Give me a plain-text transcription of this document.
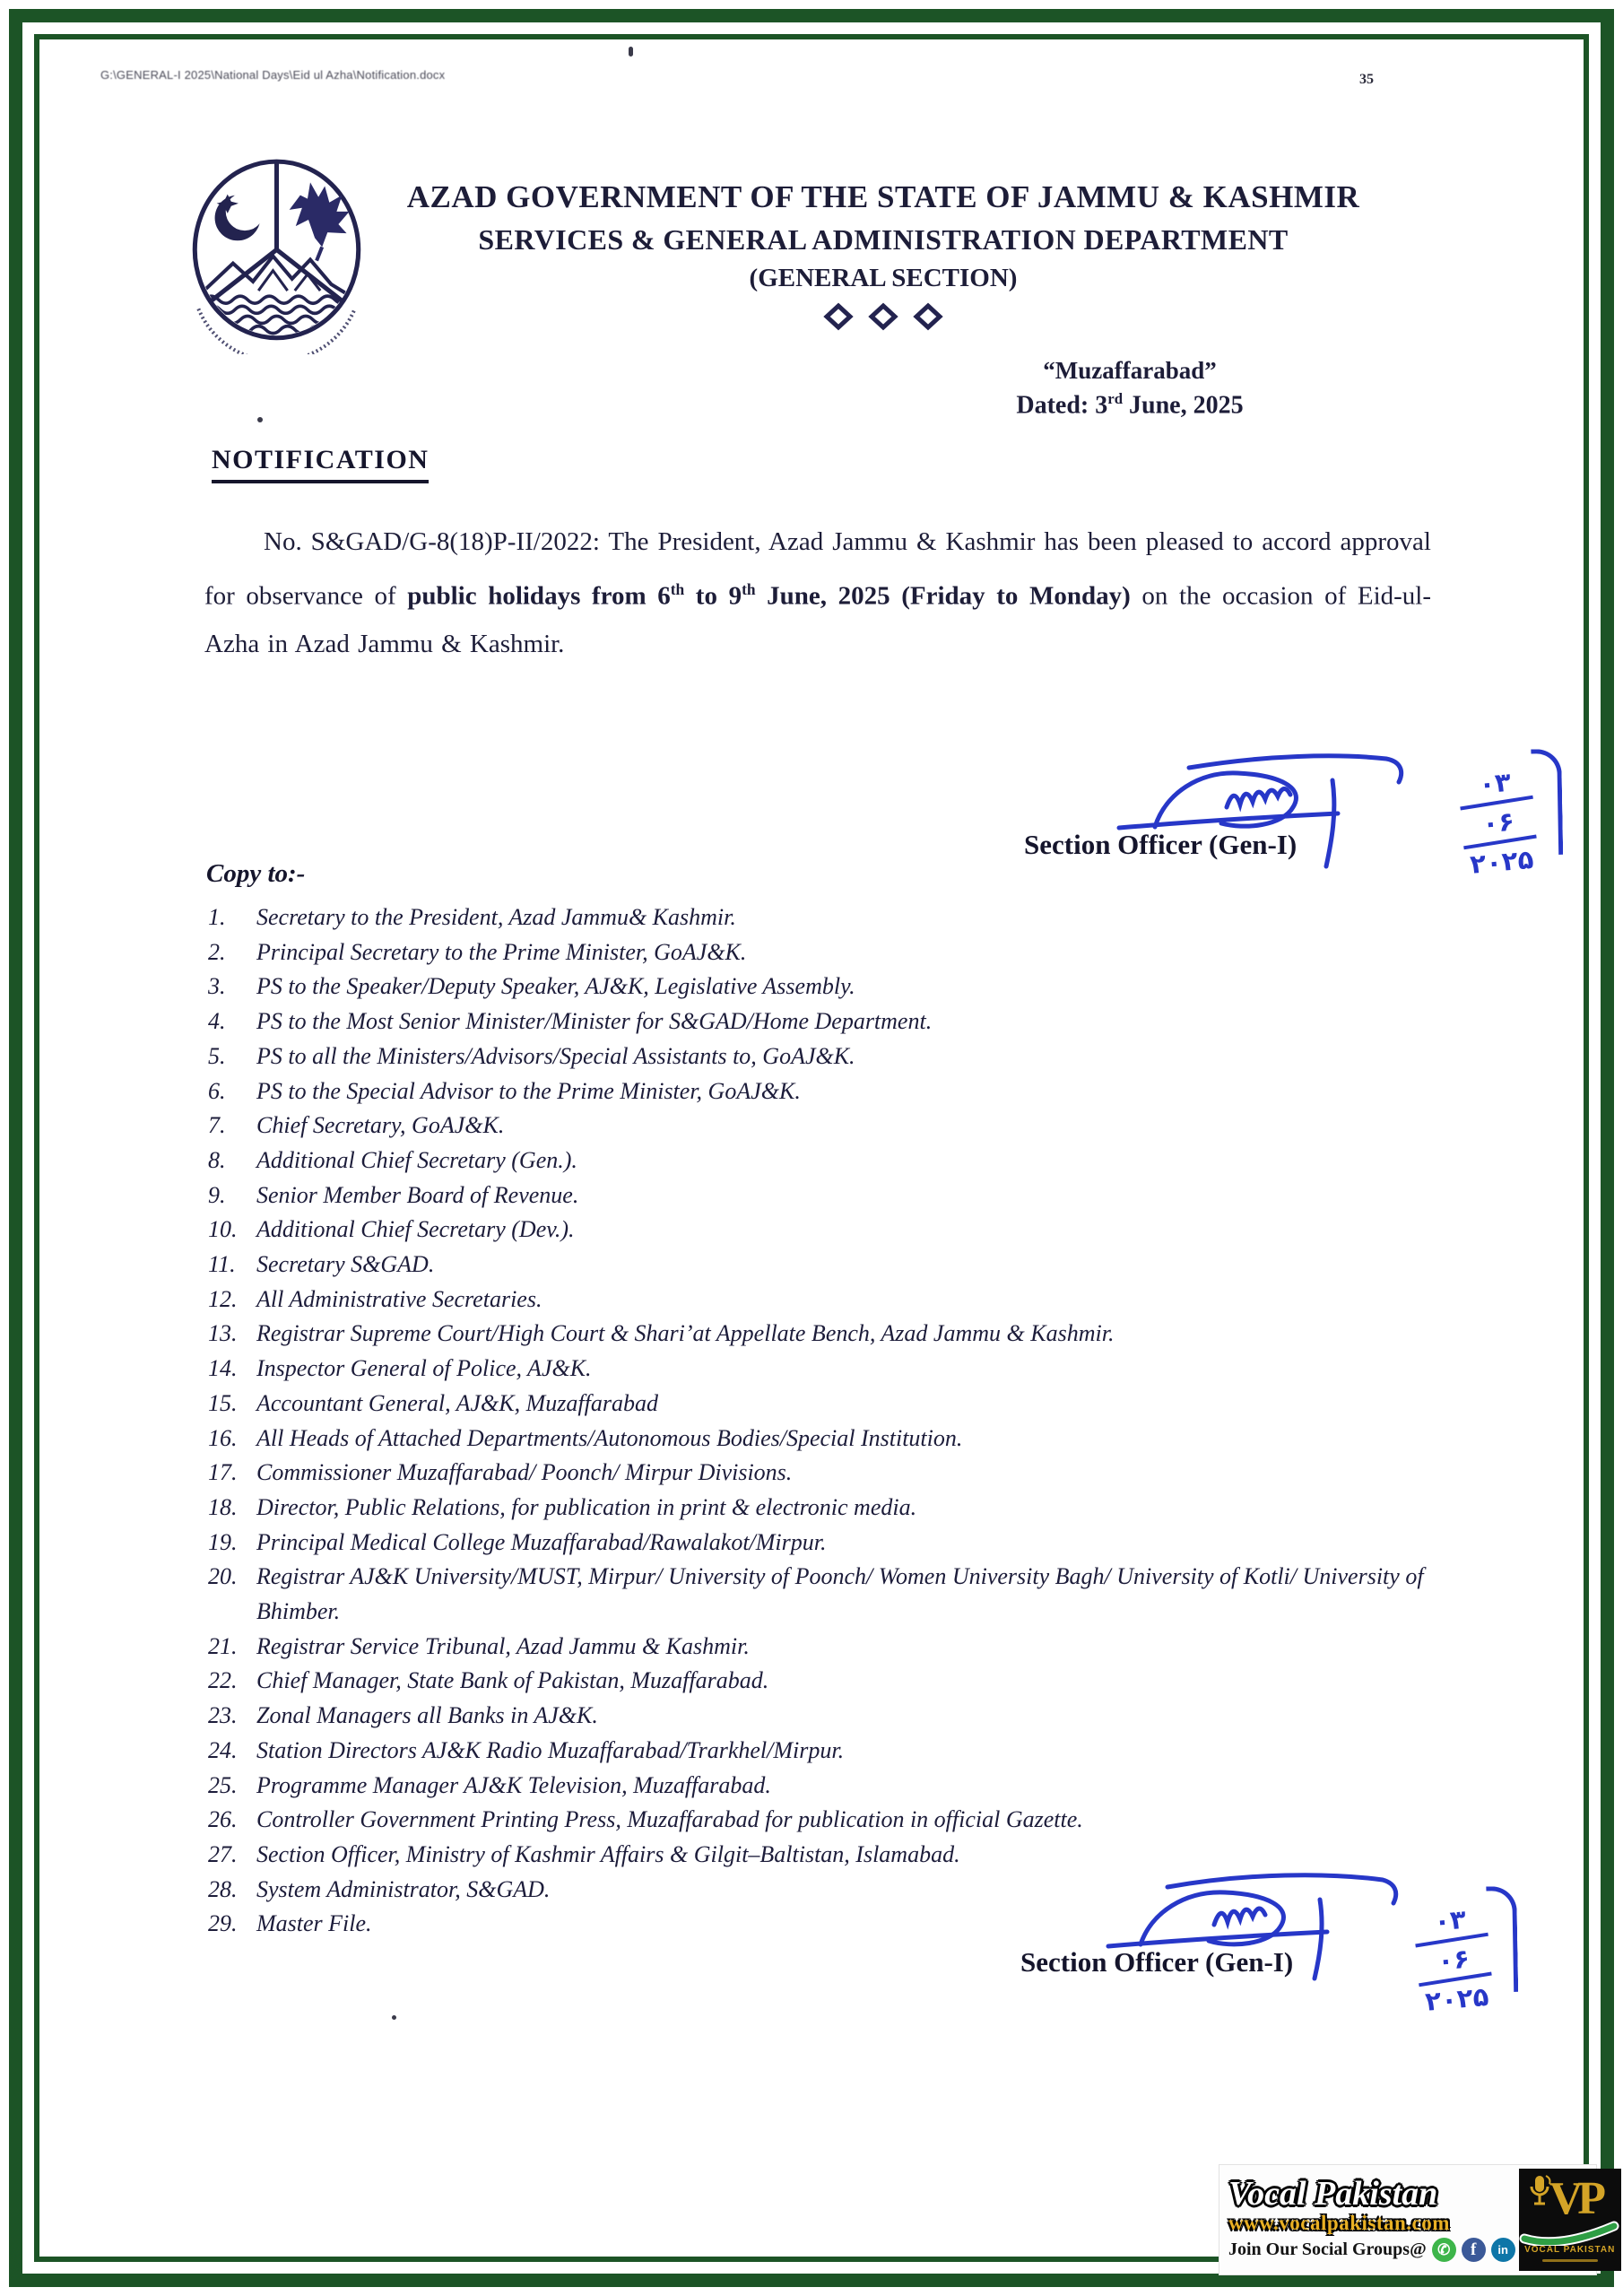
G:\GENERAL-I 2025\National Days\Eid ul Azha\Notification.docx	35
AZAD GOVERNMENT OF THE STATE OF JAMMU & KASHMIR
SERVICES & GENERAL ADMINISTRATION DEPARTMENT
(GENERAL SECTION)
“Muzaffarabad”
Dated: 3rd June, 2025
NOTIFICATION

No. S&GAD/G-8(18)P-II/2022: The President, Azad Jammu & Kashmir has been pleased to accord approval for observance of public holidays from 6th to 9th June, 2025 (Friday to Monday) on the occasion of Eid-ul-Azha in Azad Jammu & Kashmir.

۰۳
۰۶
۲۰۲۵
Section Officer (Gen-I)
Copy to:-
1.	Secretary to the President, Azad Jammu& Kashmir.
2.	Principal Secretary to the Prime Minister, GoAJ&K.
3.	PS to the Speaker/Deputy Speaker, AJ&K, Legislative Assembly.
4.	PS to the Most Senior Minister/Minister for S&GAD/Home Department.
5.	PS to all the Ministers/Advisors/Special Assistants to, GoAJ&K.
6.	PS to the Special Advisor to the Prime Minister, GoAJ&K.
7.	Chief Secretary, GoAJ&K.
8.	Additional Chief Secretary (Gen.).
9.	Senior Member Board of Revenue.
10. Additional Chief Secretary (Dev.).
11. Secretary S&GAD.
12. All Administrative Secretaries.
13. Registrar Supreme Court/High Court & Shari’at Appellate Bench, Azad Jammu & Kashmir.
14. Inspector General of Police, AJ&K.
15. Accountant General, AJ&K, Muzaffarabad
16. All Heads of Attached Departments/Autonomous Bodies/Special Institution.
17. Commissioner Muzaffarabad/ Poonch/ Mirpur Divisions.
18. Director, Public Relations, for publication in print & electronic media.
19. Principal Medical College Muzaffarabad/Rawalakot/Mirpur.
20. Registrar AJ&K University/MUST, Mirpur/ University of Poonch/ Women University Bagh/ University of Kotli/ University of Bhimber.
21. Registrar Service Tribunal, Azad Jammu & Kashmir.
22. Chief Manager, State Bank of Pakistan, Muzaffarabad.
23. Zonal Managers all Banks in AJ&K.
24. Station Directors AJ&K Radio Muzaffarabad/Trarkhel/Mirpur.
25. Programme Manager AJ&K Television, Muzaffarabad.
26. Controller Government Printing Press, Muzaffarabad for publication in official Gazette.
27. Section Officer, Ministry of Kashmir Affairs & Gilgit–Baltistan, Islamabad.
28. System Administrator, S&GAD.
29. Master File.	۰۳
۰۶
۲۰۲۵
Section Officer (Gen-I)
Vocal Pakistan
www.vocalpakistan.com
Join Our Social Groups@ ✆	f	in
VP
VOCAL PAKISTAN
